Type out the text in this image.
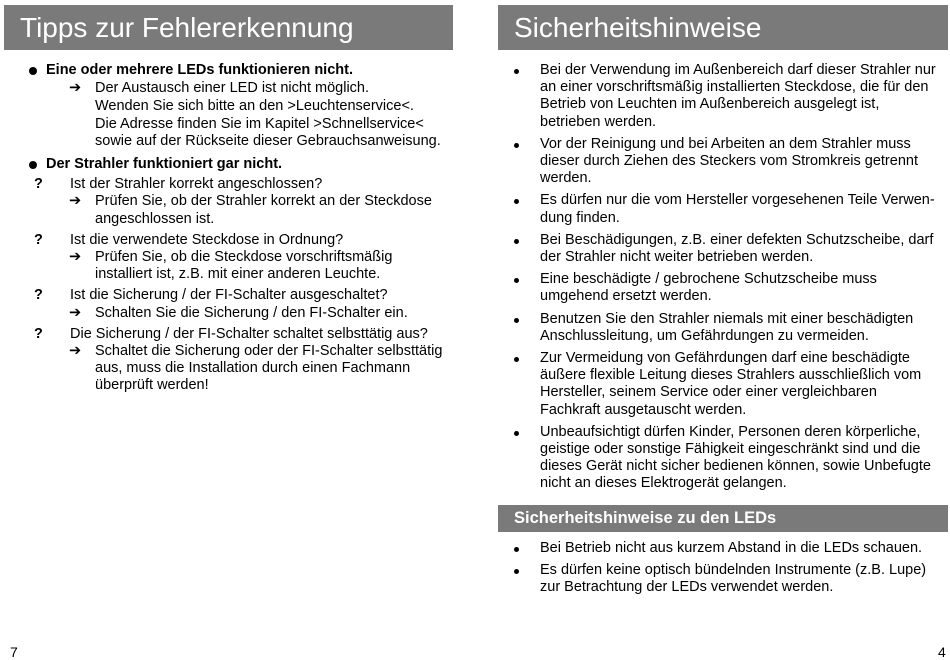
Tipps zur Fehlererkennung
Eine oder mehrere LEDs funktionieren nicht.
➔ Der Austausch einer LED ist nicht möglich.
Wenden Sie sich bitte an den >Leuchtenservice<.
Die Adresse finden Sie im Kapitel >Schnellservice<
sowie auf der Rückseite dieser Gebrauchsanweisung.
Der Strahler funktioniert gar nicht.
?	Ist der Strahler korrekt angeschlossen?
➔ Prüfen Sie, ob der Strahler korrekt an der Steckdose
angeschlossen ist.
?	Ist die verwendete Steckdose in Ordnung?
➔ Prüfen Sie, ob die Steckdose vorschriftsmäßig
installiert ist, z.B. mit einer anderen Leuchte.
?	Ist die Sicherung / der FI-Schalter ausgeschaltet?
➔ Schalten Sie die Sicherung / den FI-Schalter ein.
?	Die Sicherung / der FI-Schalter schaltet selbsttätig aus?
➔ Schaltet die Sicherung oder der FI-Schalter selbsttätig
aus, muss die Installation durch einen Fachmann
überprüft werden!
7
Sicherheitshinweise
Bei der Verwendung im Außenbereich darf dieser Strahler nur
an einer vorschriftsmäßig installierten Steckdose, die für den
Betrieb von Leuchten im Außenbereich ausgelegt ist,
betrieben werden.
Vor der Reinigung und bei Arbeiten an dem Strahler muss
dieser durch Ziehen des Steckers vom Stromkreis getrennt
werden.
Es dürfen nur die vom Hersteller vorgesehenen Teile Verwen-
dung finden.
Bei Beschädigungen, z.B. einer defekten Schutzscheibe, darf
der Strahler nicht weiter betrieben werden.
Eine beschädigte / gebrochene Schutzscheibe muss
umgehend ersetzt werden.
Benutzen Sie den Strahler niemals mit einer beschädigten
Anschlussleitung, um Gefährdungen zu vermeiden.
Zur Vermeidung von Gefährdungen darf eine beschädigte
äußere flexible Leitung dieses Strahlers ausschließlich vom
Hersteller, seinem Service oder einer vergleichbaren
Fachkraft ausgetauscht werden.
Unbeaufsichtigt dürfen Kinder, Personen deren körperliche,
geistige oder sonstige Fähigkeit eingeschränkt sind und die
dieses Gerät nicht sicher bedienen können, sowie Unbefugte
nicht an dieses Elektrogerät gelangen.
Sicherheitshinweise zu den LEDs
Bei Betrieb nicht aus kurzem Abstand in die LEDs schauen.
Es dürfen keine optisch bündelnden Instrumente (z.B. Lupe)
zur Betrachtung der LEDs verwendet werden.
4
